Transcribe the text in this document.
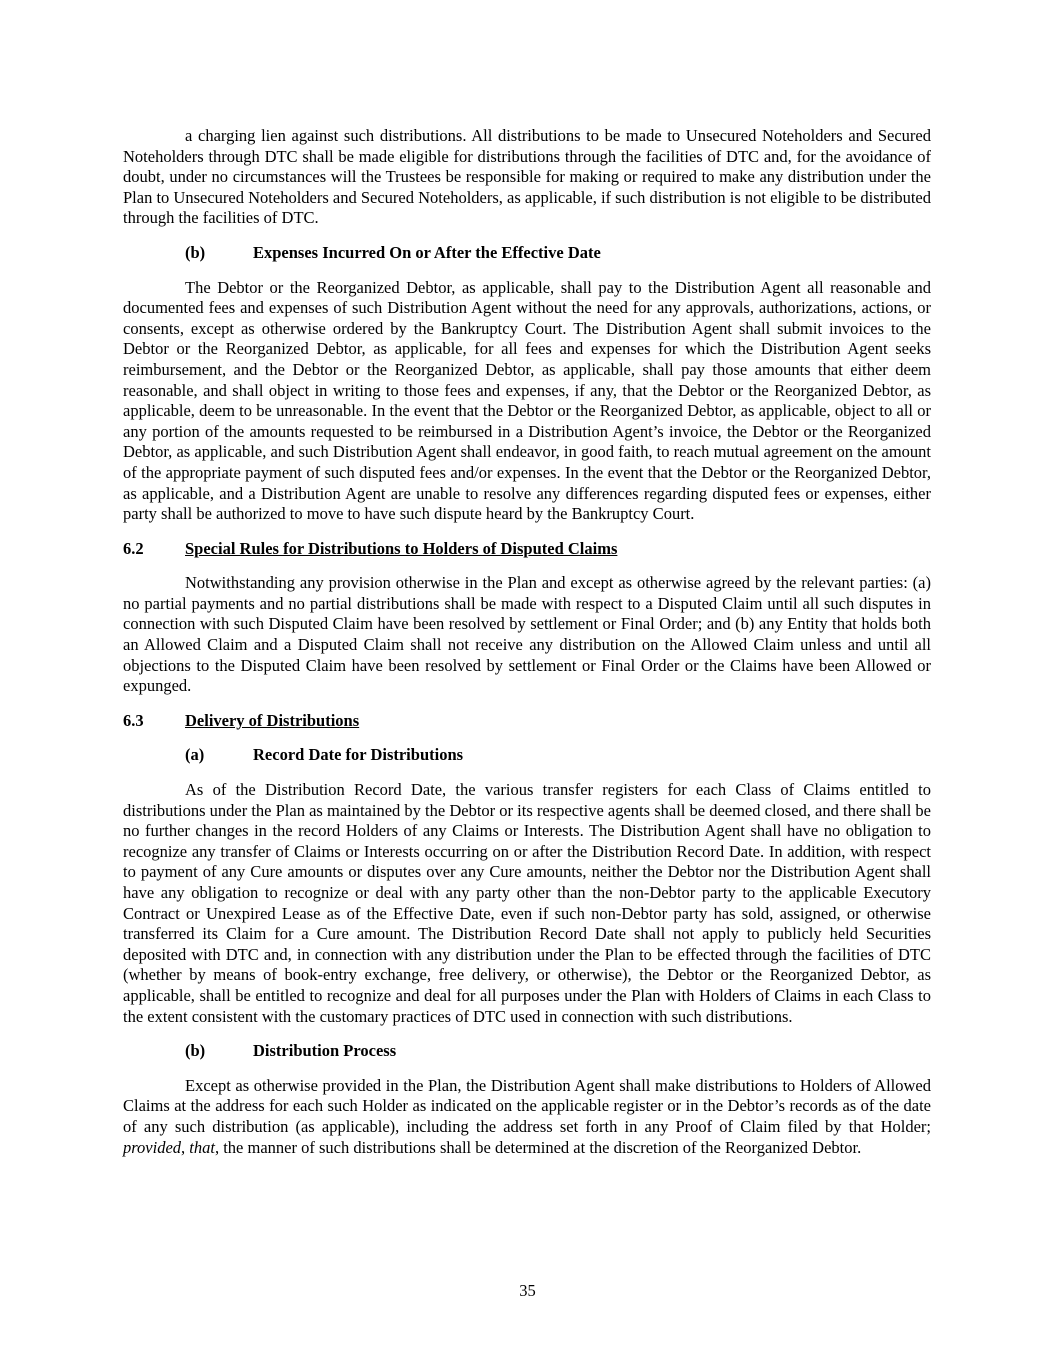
a charging lien against such distributions. All distributions to be made to Unsecured Noteholders and Secured Noteholders through DTC shall be made eligible for distributions through the facilities of DTC and, for the avoidance of doubt, under no circumstances will the Trustees be responsible for making or required to make any distribution under the Plan to Unsecured Noteholders and Secured Noteholders, as applicable, if such distribution is not eligible to be distributed through the facilities of DTC.

(b)	Expenses Incurred On or After the Effective Date

The Debtor or the Reorganized Debtor, as applicable, shall pay to the Distribution Agent all reasonable and documented fees and expenses of such Distribution Agent without the need for any approvals, authorizations, actions, or consents, except as otherwise ordered by the Bankruptcy Court. The Distribution Agent shall submit invoices to the Debtor or the Reorganized Debtor, as applicable, for all fees and expenses for which the Distribution Agent seeks reimbursement, and the Debtor or the Reorganized Debtor, as applicable, shall pay those amounts that either deem reasonable, and shall object in writing to those fees and expenses, if any, that the Debtor or the Reorganized Debtor, as applicable, deem to be unreasonable. In the event that the Debtor or the Reorganized Debtor, as applicable, object to all or any portion of the amounts requested to be reimbursed in a Distribution Agent’s invoice, the Debtor or the Reorganized Debtor, as applicable, and such Distribution Agent shall endeavor, in good faith, to reach mutual agreement on the amount of the appropriate payment of such disputed fees and/or expenses. In the event that the Debtor or the Reorganized Debtor, as applicable, and a Distribution Agent are unable to resolve any differences regarding disputed fees or expenses, either party shall be authorized to move to have such dispute heard by the Bankruptcy Court.

6.2	Special Rules for Distributions to Holders of Disputed Claims

Notwithstanding any provision otherwise in the Plan and except as otherwise agreed by the relevant parties: (a) no partial payments and no partial distributions shall be made with respect to a Disputed Claim until all such disputes in connection with such Disputed Claim have been resolved by settlement or Final Order; and (b) any Entity that holds both an Allowed Claim and a Disputed Claim shall not receive any distribution on the Allowed Claim unless and until all objections to the Disputed Claim have been resolved by settlement or Final Order or the Claims have been Allowed or expunged.

6.3	Delivery of Distributions
(a)	Record Date for Distributions

As of the Distribution Record Date, the various transfer registers for each Class of Claims entitled to distributions under the Plan as maintained by the Debtor or its respective agents shall be deemed closed, and there shall be no further changes in the record Holders of any Claims or Interests. The Distribution Agent shall have no obligation to recognize any transfer of Claims or Interests occurring on or after the Distribution Record Date. In addition, with respect to payment of any Cure amounts or disputes over any Cure amounts, neither the Debtor nor the Distribution Agent shall have any obligation to recognize or deal with any party other than the non-Debtor party to the applicable Executory Contract or Unexpired Lease as of the Effective Date, even if such non-Debtor party has sold, assigned, or otherwise transferred its Claim for a Cure amount. The Distribution Record Date shall not apply to publicly held Securities deposited with DTC and, in connection with any distribution under the Plan to be effected through the facilities of DTC (whether by means of book-entry exchange, free delivery, or otherwise), the Debtor or the Reorganized Debtor, as applicable, shall be entitled to recognize and deal for all purposes under the Plan with Holders of Claims in each Class to the extent consistent with the customary practices of DTC used in connection with such distributions.

(b)	Distribution Process

Except as otherwise provided in the Plan, the Distribution Agent shall make distributions to Holders of Allowed Claims at the address for each such Holder as indicated on the applicable register or in the Debtor’s records as of the date of any such distribution (as applicable), including the address set forth in any Proof of Claim filed by that Holder; provided, that, the manner of such distributions shall be determined at the discretion of the Reorganized Debtor.

35
